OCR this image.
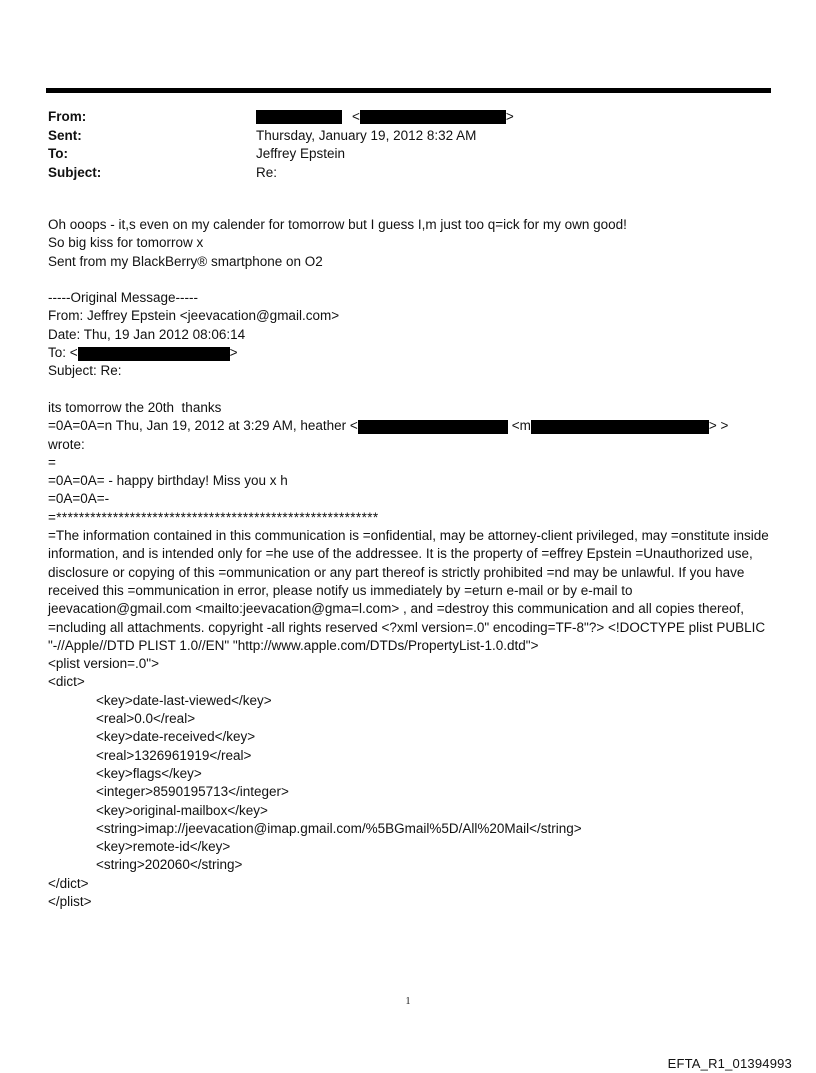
From:	<	>
Sent:	Thursday, January 19, 2012 8:32 AM
To:	Jeffrey Epstein
Subject:	Re:
Oh ooops - it,s even on my calender for tomorrow but I guess I,m just too q=ick for my own good!
So big kiss for tomorrow x
Sent from my BlackBerry® smartphone on O2
-----Original Message-----
From: Jeffrey Epstein <jeevacation@gmail.com>
Date: Thu, 19 Jan 2012 08:06:14
To: <	>
Subject: Re:
its tomorrow the 20th  thanks
=0A=0A=n Thu, Jan 19, 2012 at 3:29 AM, heather <	<m	> >
wrote:
=
=0A=0A= - happy birthday! Miss you x h
=0A=0A=-
=*********************************************************
=The information contained in this communication is =onfidential, may be attorney-client privileged, may =onstitute inside information, and is intended only for =he use of the addressee. It is the property of =effrey Epstein =Unauthorized use, disclosure or copying of this =ommunication or any part thereof is strictly prohibited =nd may be unlawful. If you have received this =ommunication in error, please notify us immediately by =eturn e-mail or by e-mail to jeevacation@gmail.com <mailto:jeevacation@gma=l.com> , and =destroy this communication and all copies thereof, =ncluding all attachments. copyright -all rights reserved <?xml version=.0" encoding=TF-8"?> <!DOCTYPE plist PUBLIC "-//Apple//DTD PLIST 1.0//EN" "http://www.apple.com/DTDs/PropertyList-1.0.dtd">
<plist version=.0">
<dict>
<key>date-last-viewed</key>
<real>0.0</real>
<key>date-received</key>
<real>1326961919</real>
<key>flags</key>
<integer>8590195713</integer>
<key>original-mailbox</key>
<string>imap://jeevacation@imap.gmail.com/%5BGmail%5D/All%20Mail</string>
<key>remote-id</key>
<string>202060</string>
</dict>
</plist>
1
EFTA_R1_01394993
